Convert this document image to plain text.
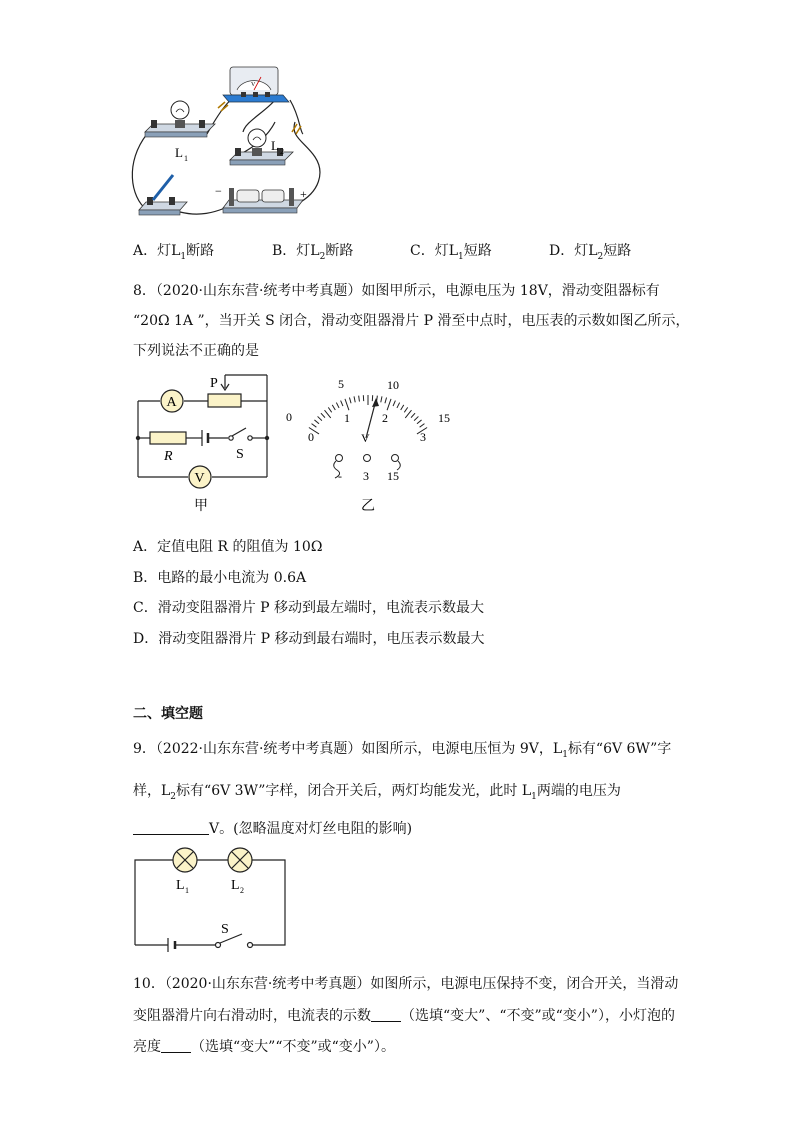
L 1
L 2
V
−	+
A．灯$L_1$断路	B．灯$L_2$断路	C．灯$L_1$短路	D．灯$L_2$短路
8．（2020·山东东营·统考中考真题）如图甲所示，电源电压为 18V，滑动变阻器标有
“20Ω 1A ”，当开关 S 闭合，滑动变阻器滑片 P 滑至中点时，电压表的示数如图乙所示，
下列说法不正确的是
A
P
R	S
V
甲
0
5	10
15
0
1	2
3
V
- 3 15
乙
A．定值电阻 R 的阻值为 10Ω
B．电路的最小电流为 0.6A
C．滑动变阻器滑片 P 移动到最左端时，电流表示数最大
D．滑动变阻器滑片 P 移动到最右端时，电压表示数最大
二、填空题
9．（2022·山东东营·统考中考真题）如图所示，电源电压恒为 9V，$L_1$标有“6V 6W”字
样，$L_2$标有“6V 3W”字样，闭合开关后，两灯均能发光，此时 $L_1$两端的电压为
V。(忽略温度对灯丝电阻的影响)
L 1	L 2
S
10．（2020·山东东营·统考中考真题）如图所示，电源电压保持不变，闭合开关，当滑动
变阻器滑片向右滑动时，电流表的示数 （选填“变大”、“不变”或“变小”），小灯泡的
亮度 （选填“变大”“不变”或“变小”）。
